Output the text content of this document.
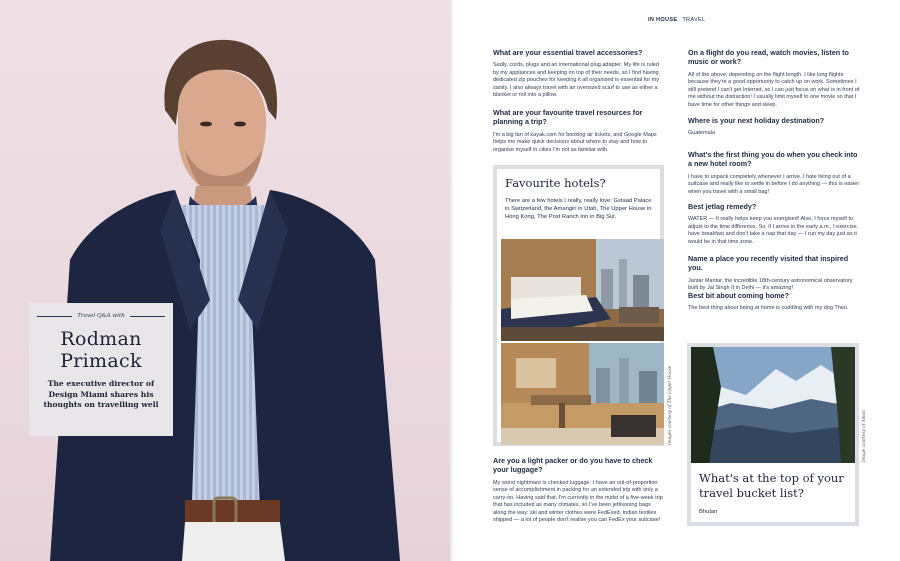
Travel Q&A with
Rodman
Primack
The executive director of Design Miami shares his thoughts on travelling well
IN HOUSE TRAVEL
What are your essential travel accessories?
Sadly, cords, plugs and an international plug adapter. My life is ruled by my appliances and keeping on top of their needs, so I find having dedicated zip pouches for keeping it all organised is essential for my sanity. I also always travel with an oversized scarf to use as either a blanket or roll into a pillow.
What are your favourite travel resources for planning a trip?
I'm a big fan of kayak.com for booking air tickets, and Google Maps helps me make quick decisions about where to stay and how to organise myself in cities I'm not as familiar with.
Favourite hotels?
There are a few hotels I really, really love: Gstaad Palace in Switzerland, the Amangiri in Utah, The Upper House in Hong Kong, The Post Ranch Inn in Big Sur.
Images courtesy of The Upper House
Are you a light packer or do you have to check your luggage?
My worst nightmare is checked luggage. I have an out-of-proportion sense of accomplishment in packing for an extended trip with only a carry-on. Having said that, I'm currently in the midst of a five-week trip that has included as many climates, so I've been jettisoning bags along the way: ski and winter clothes were FedExed, Indian textiles shipped — a lot of people don't realise you can FedEx your suitcase!
On a flight do you read, watch movies, listen to music or work?
All of the above, depending on the flight length. I like long flights because they're a good opportunity to catch up on work. Sometimes I still pretend I can't get Internet, so I can just focus on what is in front of me without the distraction! I usually limit myself to one movie so that I have time for other things and sleep.
Where is your next holiday destination?
Guatemala
What's the first thing you do when you check into a new hotel room?
I have to unpack completely whenever I arrive. I hate living out of a suitcase and really like to settle in before I do anything — this is easier when you travel with a small bag!
Best jetlag remedy?
WATER — It really helps keep you energised! Also, I force myself to adjust to the time difference. So, if I arrive in the early a.m., I exercise, have breakfast and don't take a nap that day — I run my day just as it would be in that time zone.
Name a place you recently visited that inspired you.
Jantar Mantar, the incredible 18th-century astronomical observatory built by Jai Singh II in Delhi — it's amazing!
Best bit about coming home?
The best thing about being at home is cuddling with my dog Theo.
Image courtesy of Aman
What's at the top of your travel bucket list?
Bhutan
